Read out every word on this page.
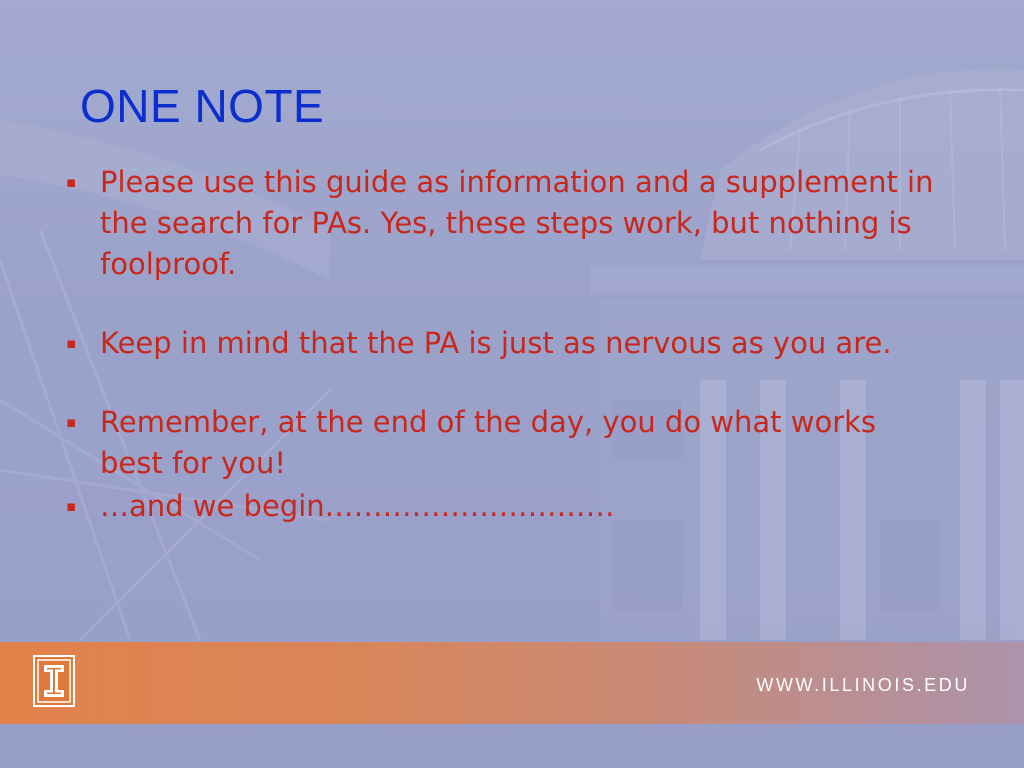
ONE NOTE
▪ Please use this guide as information and a supplement in the search for PAs. Yes, these steps work, but nothing is foolproof.
▪ Keep in mind that the PA is just as nervous as you are.
▪ Remember, at the end of the day, you do what works best for you!
▪ …and we begin…………………………

WWW.ILLINOIS.EDU
